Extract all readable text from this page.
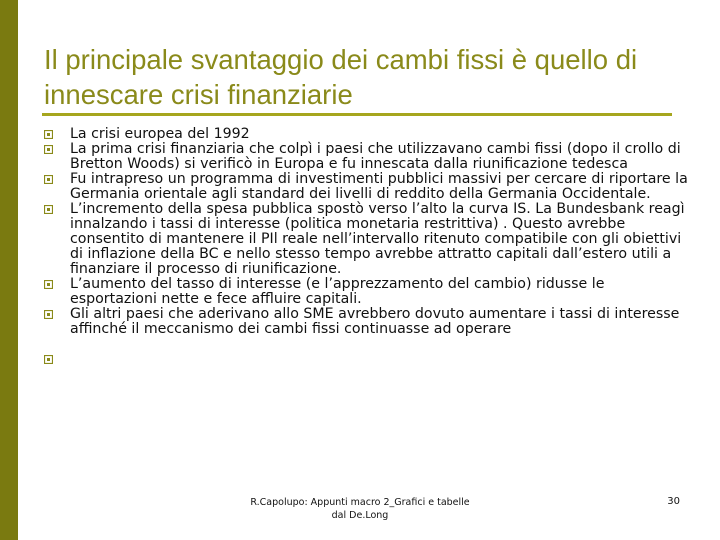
Il principale svantaggio dei cambi fissi è quello di innescare crisi finanziarie
La crisi europea del 1992
La prima crisi finanziaria che colpì i paesi che utilizzavano cambi fissi (dopo il crollo di Bretton Woods) si verificò in Europa e fu innescata dalla riunificazione tedesca
Fu intrapreso un programma di investimenti pubblici massivi per cercare di riportare la Germania orientale agli standard dei livelli di reddito della Germania Occidentale.
L’incremento della spesa pubblica spostò verso l’alto la curva IS. La Bundesbank reagì innalzando i tassi di interesse (politica monetaria restrittiva) . Questo avrebbe consentito di mantenere il PIl reale nell’intervallo ritenuto compatibile con gli obiettivi di inflazione della BC e nello stesso tempo avrebbe attratto capitali dall’estero utili a finanziare il processo di riunificazione.
L’aumento del tasso di interesse (e l’apprezzamento del cambio) ridusse le esportazioni nette e fece affluire capitali.
Gli altri paesi che aderivano allo SME avrebbero dovuto aumentare i tassi di interesse affinché il meccanismo dei cambi fissi continuasse ad operare
R.Capolupo: Appunti macro 2_Grafici e tabelle dal De.Long
30
